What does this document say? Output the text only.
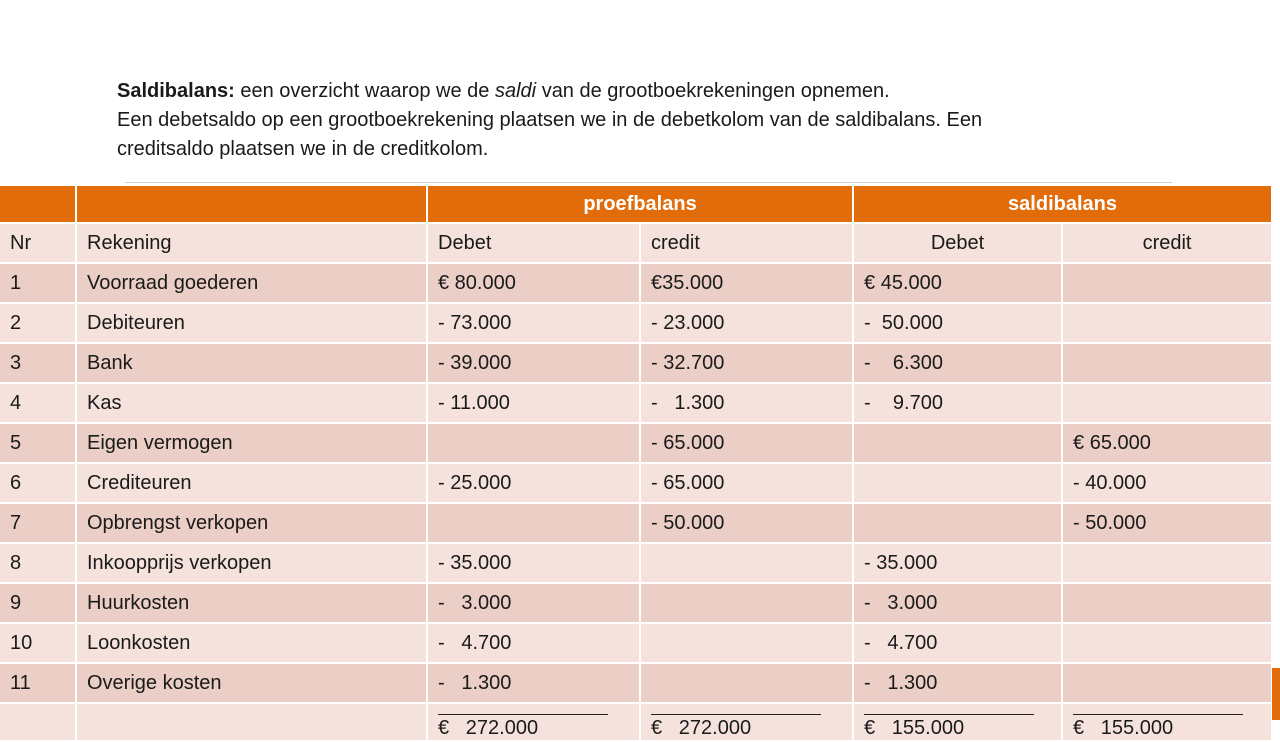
Saldibalans: een overzicht waarop we de saldi van de grootboekrekeningen opnemen.

Een debetsaldo op een grootboekrekening plaatsen we in de debetkolom van de saldibalans. Een

creditsaldo plaatsen we in de creditkolom.

		proefbalans		saldibalans	
Nr	Rekening	Debet	credit	Debet	credit
1	Voorraad goederen	€ 80.000	€35.000	€ 45.000	
2	Debiteuren	- 73.000	- 23.000	-  50.000	
3	Bank	- 39.000	- 32.700	-    6.300	
4	Kas	- 11.000	-   1.300	-    9.700	
5	Eigen vermogen		- 65.000		€ 65.000
6	Crediteuren	- 25.000	- 65.000		- 40.000
7	Opbrengst verkopen		- 50.000		- 50.000
8	Inkoopprijs verkopen	- 35.000		- 35.000	
9	Huurkosten	-   3.000		-   3.000	
10	Loonkosten	-   4.700		-   4.700	
11	Overige kosten	-   1.300		-   1.300	
		€   272.000	€   272.000	€   155.000	€   155.000
